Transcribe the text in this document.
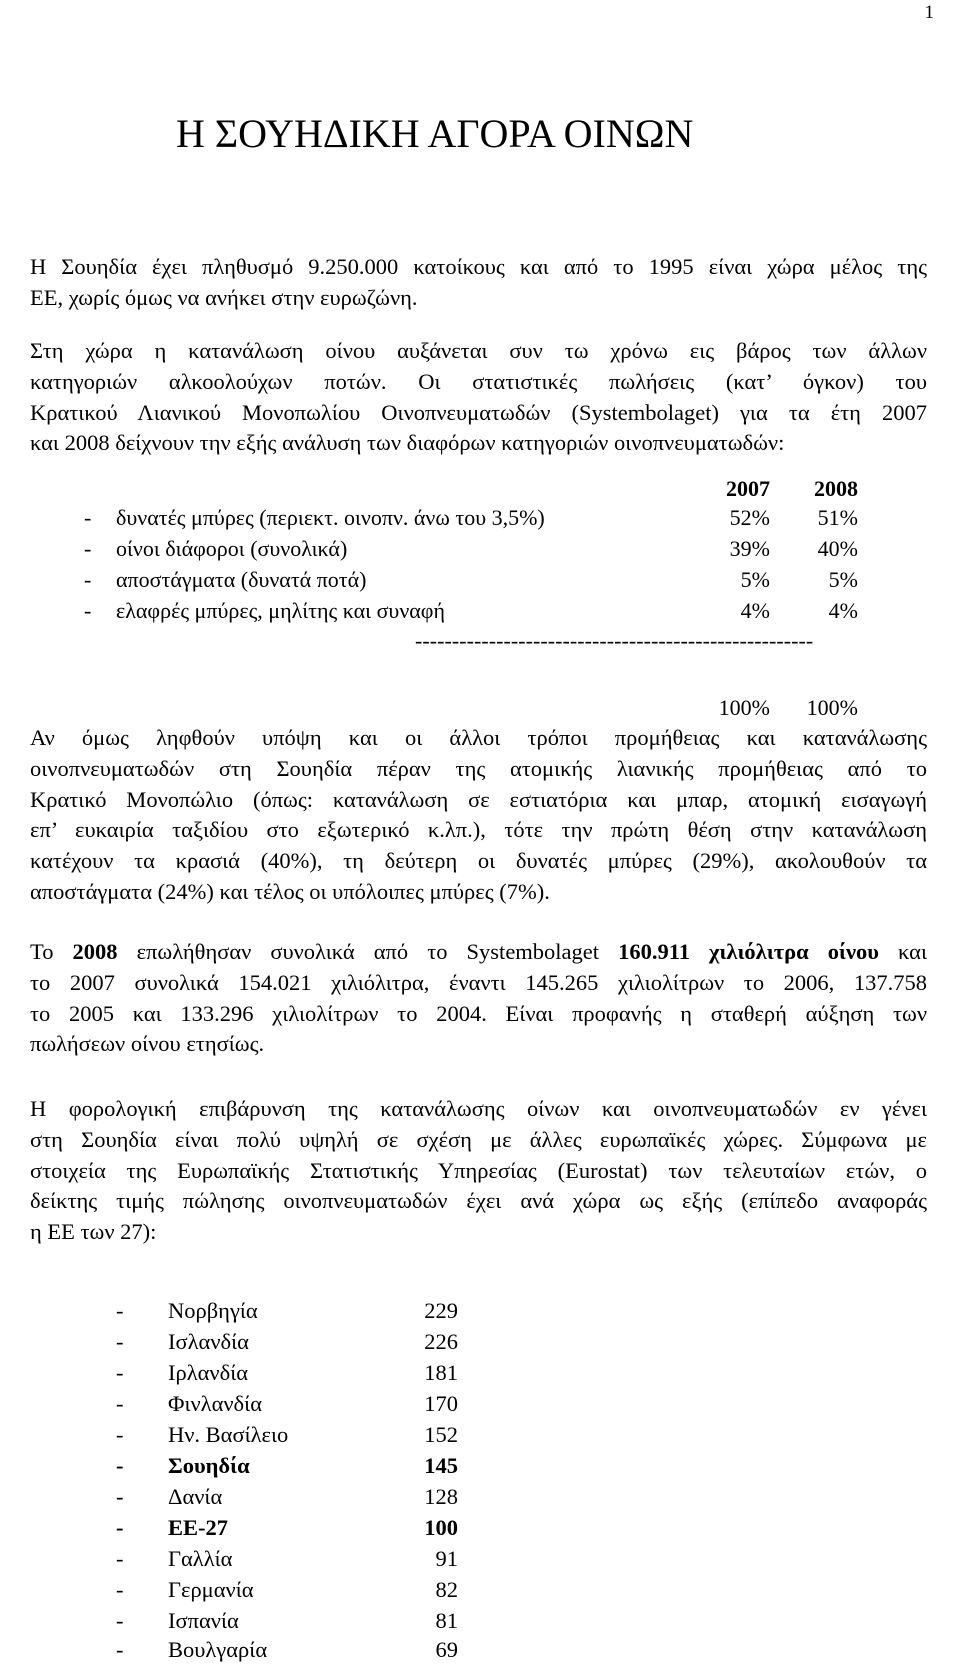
1
Η ΣΟΥΗΔΙΚΗ ΑΓΟΡΑ ΟΙΝΩΝ

Η Σουηδία έχει πληθυσμό 9.250.000 κατοίκους και από το 1995 είναι χώρα μέλος της
ΕΕ, χωρίς όμως να ανήκει στην ευρωζώνη.

Στη χώρα η κατανάλωση οίνου αυξάνεται συν τω χρόνω εις βάρος των άλλων
κατηγοριών αλκοολούχων ποτών. Οι στατιστικές πωλήσεις (κατ’ όγκον) του
Κρατικού Λιανικού Μονοπωλίου Οινοπνευματωδών (Systembolaget) για τα έτη 2007
και 2008 δείχνουν την εξής ανάλυση των διαφόρων κατηγοριών οινοπνευματωδών:

2007	2008
- δυνατές μπύρες (περιεκτ. οινοπν. άνω του 3,5%)	52%	51%
- οίνοι διάφοροι (συνολικά)	39%	40%
- αποστάγματα (δυνατά ποτά)	5%	5%
- ελαφρές μπύρες, μηλίτης και συναφή	4%	4%
------------------------------------------------------
100%	100%

Αν όμως ληφθούν υπόψη και οι άλλοι τρόποι προμήθειας και κατανάλωσης
οινοπνευματωδών στη Σουηδία πέραν της ατομικής λιανικής προμήθειας από το
Κρατικό Μονοπώλιο (όπως: κατανάλωση σε εστιατόρια και μπαρ, ατομική εισαγωγή
επ’ ευκαιρία ταξιδίου στο εξωτερικό κ.λπ.), τότε την πρώτη θέση στην κατανάλωση
κατέχουν τα κρασιά (40%), τη δεύτερη οι δυνατές μπύρες (29%), ακολουθούν τα
αποστάγματα (24%) και τέλος οι υπόλοιπες μπύρες (7%).

Το 2008 επωλήθησαν συνολικά από το Systembolaget 160.911 χιλιόλιτρα οίνου και
το 2007 συνολικά 154.021 χιλιόλιτρα, έναντι 145.265 χιλιολίτρων το 2006, 137.758
το 2005 και 133.296 χιλιολίτρων το 2004. Είναι προφανής η σταθερή αύξηση των
πωλήσεων οίνου ετησίως.

Η φορολογική επιβάρυνση της κατανάλωσης οίνων και οινοπνευματωδών εν γένει
στη Σουηδία είναι πολύ υψηλή σε σχέση με άλλες ευρωπαϊκές χώρες. Σύμφωνα με
στοιχεία της Ευρωπαϊκής Στατιστικής Υπηρεσίας (Eurostat) των τελευταίων ετών, ο
δείκτης τιμής πώλησης οινοπνευματωδών έχει ανά χώρα ως εξής (επίπεδο αναφοράς
η ΕΕ των 27):

- Νορβηγία	229
- Ισλανδία	226
- Ιρλανδία	181
- Φινλανδία	170
- Ην. Βασίλειο	152
- Σουηδία	145
- Δανία	128
- ΕΕ-27	100
- Γαλλία	91
- Γερμανία	82
- Ισπανία	81
- Βουλγαρία	69
